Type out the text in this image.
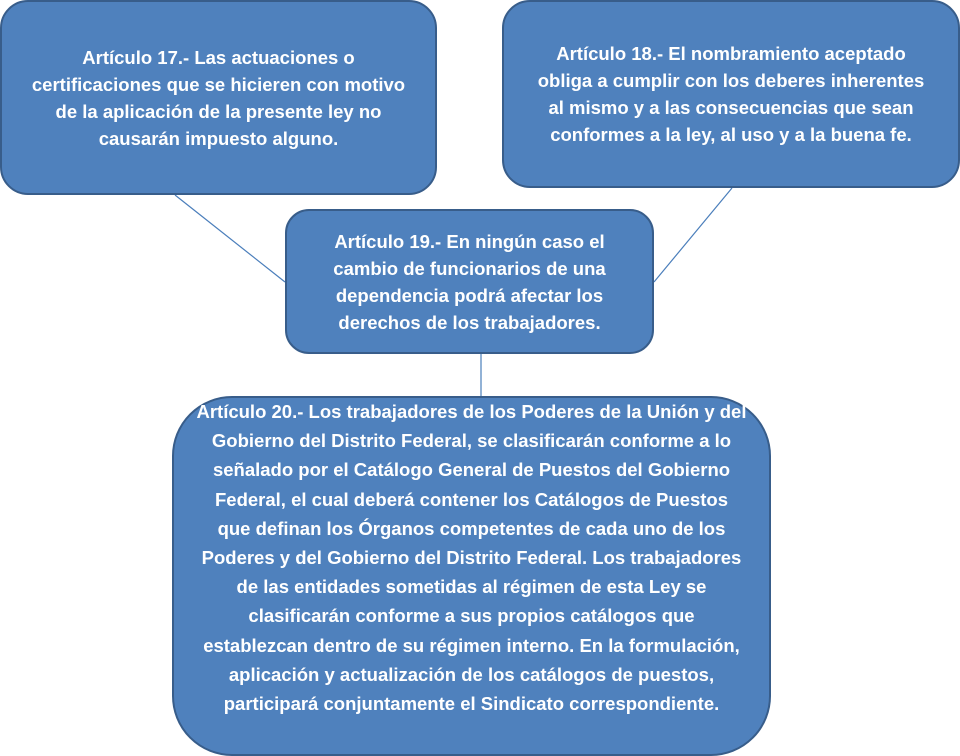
Artículo 17.- Las actuaciones o certificaciones que se hicieren con motivo de la aplicación de la presente ley no causarán impuesto alguno.
Artículo 18.- El nombramiento aceptado obliga a cumplir con los deberes inherentes al mismo y a las consecuencias que sean conformes a la ley, al uso y a la buena fe.
Artículo 19.- En ningún caso el cambio de funcionarios de una dependencia podrá afectar los derechos de los trabajadores.
Artículo 20.- Los trabajadores de los Poderes de la Unión y del Gobierno del Distrito Federal, se clasificarán conforme a lo señalado por el Catálogo General de Puestos del Gobierno Federal, el cual deberá contener los Catálogos de Puestos que definan los Órganos competentes de cada uno de los Poderes y del Gobierno del Distrito Federal. Los trabajadores de las entidades sometidas al régimen de esta Ley se clasificarán conforme a sus propios catálogos que establezcan dentro de su régimen interno. En la formulación, aplicación y actualización de los catálogos de puestos, participará conjuntamente el Sindicato correspondiente.
